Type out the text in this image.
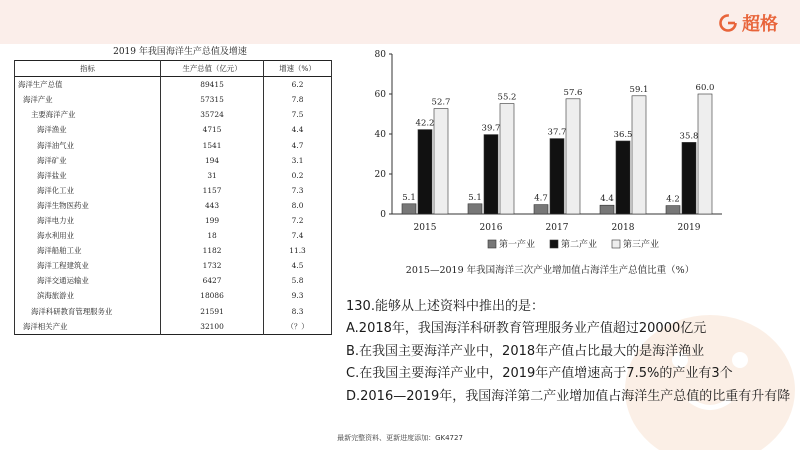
超格
2019 年我国海洋生产总值及增速
指标	生产总值（亿元）	增速（%）
海洋生产总值	89415	6.2
海洋产业	57315	7.8
主要海洋产业	35724	7.5
海洋渔业	4715	4.4
海洋油气业	1541	4.7
海洋矿业	194	3.1
海洋盐业	31	0.2
海洋化工业	1157	7.3
海洋生物医药业	443	8.0
海洋电力业	199	7.2
海水利用业	18	7.4
海洋船舶工业	1182	11.3
海洋工程建筑业	1732	4.5
海洋交通运输业	6427	5.8
滨海旅游业	18086	9.3
海洋科研教育管理服务业	21591	8.3
海洋相关产业	32100	（？）
0
20
40
60
80
2015	2016	2017	2018	2019
5.1
42.2
52.7
5.1
39.7
55.2
4.7
37.7
57.6
4.4
36.5
59.1
4.2
35.8
60.0
第一产业	第二产业	第三产业
2015—2019 年我国海洋三次产业增加值占海洋生产总值比重（%）
130.能够从上述资料中推出的是：
A.2018年，我国海洋科研教育管理服务业产值超过20000亿元
B.在我国主要海洋产业中，2018年产值占比最大的是海洋渔业
C.在我国主要海洋产业中，2019年产值增速高于7.5%的产业有3个
D.2016—2019年，我国海洋第二产业增加值占海洋生产总值的比重有升有降
最新完整资料、更新进度添加：GK4727
